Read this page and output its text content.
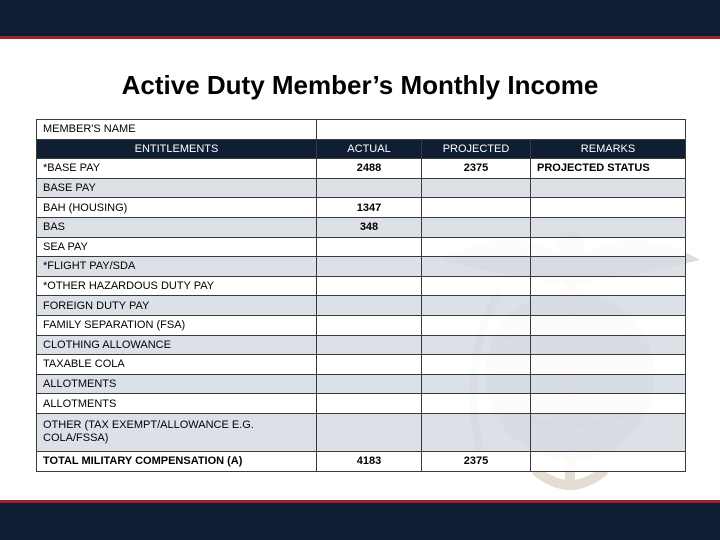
Active Duty Member’s Monthly Income
MEMBER'S NAME			
ENTITLEMENTS	ACTUAL	PROJECTED	REMARKS
*BASE PAY	2488	2375	PROJECTED STATUS
BASE PAY			
BAH (HOUSING)	1347		
BAS	348		
SEA PAY			
*FLIGHT PAY/SDA			
*OTHER HAZARDOUS DUTY PAY			
FOREIGN DUTY PAY			
FAMILY SEPARATION (FSA)			
CLOTHING ALLOWANCE			
TAXABLE COLA			
ALLOTMENTS			
ALLOTMENTS			
OTHER (TAX EXEMPT/ALLOWANCE E.G. COLA/FSSA)			
TOTAL MILITARY COMPENSATION (A)	4183	2375	
